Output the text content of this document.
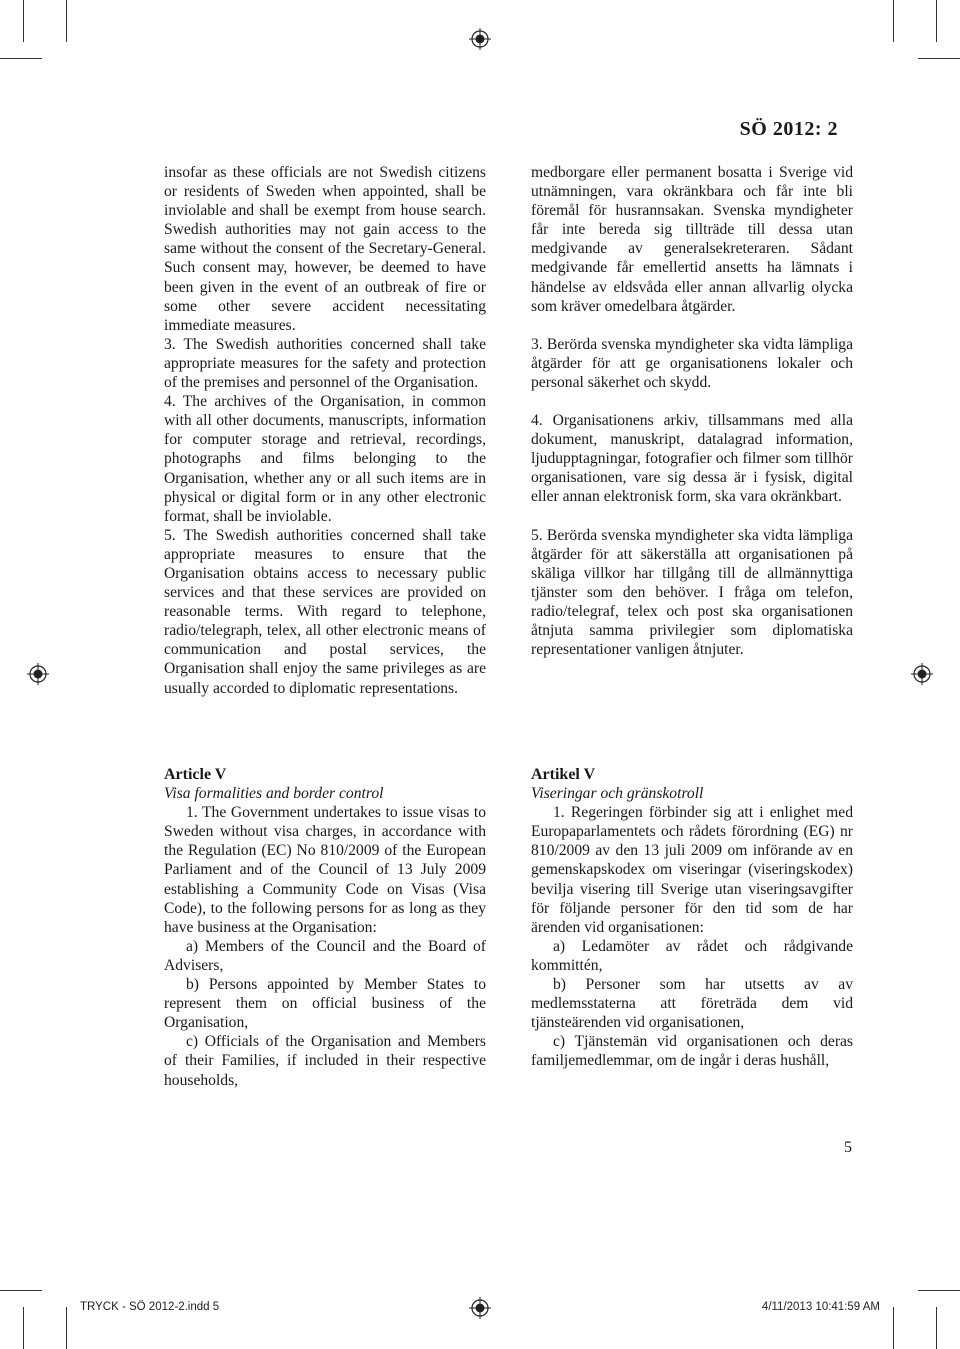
SÖ 2012: 2

insofar as these officials are not Swedish citizens or residents of Sweden when appointed, shall be inviolable and shall be exempt from house search. Swedish authorities may not gain access to the same without the consent of the Secretary-General. Such consent may, however, be deemed to have been given in the event of an outbreak of fire or some other severe accident necessitating immediate measures.

3. The Swedish authorities concerned shall take appropriate measures for the safety and protection of the premises and personnel of the Organisation.

4. The archives of the Organisation, in common with all other documents, manuscripts, information for computer storage and retrieval, recordings, photographs and films belonging to the Organisation, whether any or all such items are in physical or digital form or in any other electronic format, shall be inviolable.

5. The Swedish authorities concerned shall take appropriate measures to ensure that the Organisation obtains access to necessary public services and that these services are provided on reasonable terms. With regard to telephone, radio/telegraph, telex, all other electronic means of communication and postal services, the Organisation shall enjoy the same privileges as are usually accorded to diplomatic representations.

medborgare eller permanent bosatta i Sverige vid utnämningen, vara okränkbara och får inte bli föremål för husrannsakan. Svenska myndigheter får inte bereda sig tillträde till dessa utan medgivande av generalsekreteraren. Sådant medgivande får emellertid ansetts ha lämnats i händelse av eldsvåda eller annan allvarlig olycka som kräver omedelbara åtgärder.

3. Berörda svenska myndigheter ska vidta lämpliga åtgärder för att ge organisationens lokaler och personal säkerhet och skydd.

4. Organisationens arkiv, tillsammans med alla dokument, manuskript, datalagrad information, ljudupptagningar, fotografier och filmer som tillhör organisationen, vare sig dessa är i fysisk, digital eller annan elektronisk form, ska vara okränkbart.

5. Berörda svenska myndigheter ska vidta lämpliga åtgärder för att säkerställa att organisationen på skäliga villkor har tillgång till de allmännyttiga tjänster som den behöver. I fråga om telefon, radio/telegraf, telex och post ska organisationen åtnjuta samma privilegier som diplomatiska representationer vanligen åtnjuter.

Article V

Visa formalities and border control

1. The Government undertakes to issue visas to Sweden without visa charges, in accordance with the Regulation (EC) No 810/2009 of the European Parliament and of the Council of 13 July 2009 establishing a Community Code on Visas (Visa Code), to the following persons for as long as they have business at the Organisation:

a) Members of the Council and the Board of Advisers,

b) Persons appointed by Member States to represent them on official business of the Organisation,

c) Officials of the Organisation and Members of their Families, if included in their respective households,

Artikel V

Viseringar och gränskotroll

1. Regeringen förbinder sig att i enlighet med Europaparlamentets och rådets förordning (EG) nr 810/2009 av den 13 juli 2009 om införande av en gemenskapskodex om viseringar (viseringskodex) bevilja visering till Sverige utan viseringsavgifter för följande personer för den tid som de har ärenden vid organisationen:

a) Ledamöter av rådet och rådgivande kommittén,

b) Personer som har utsetts av av medlemsstaterna att företräda dem vid tjänsteärenden vid organisationen,

c) Tjänstemän vid organisationen och deras familjemedlemmar, om de ingår i deras hushåll,

5
TRYCK - SÖ 2012-2.indd 5	4/11/2013 10:41:59 AM
